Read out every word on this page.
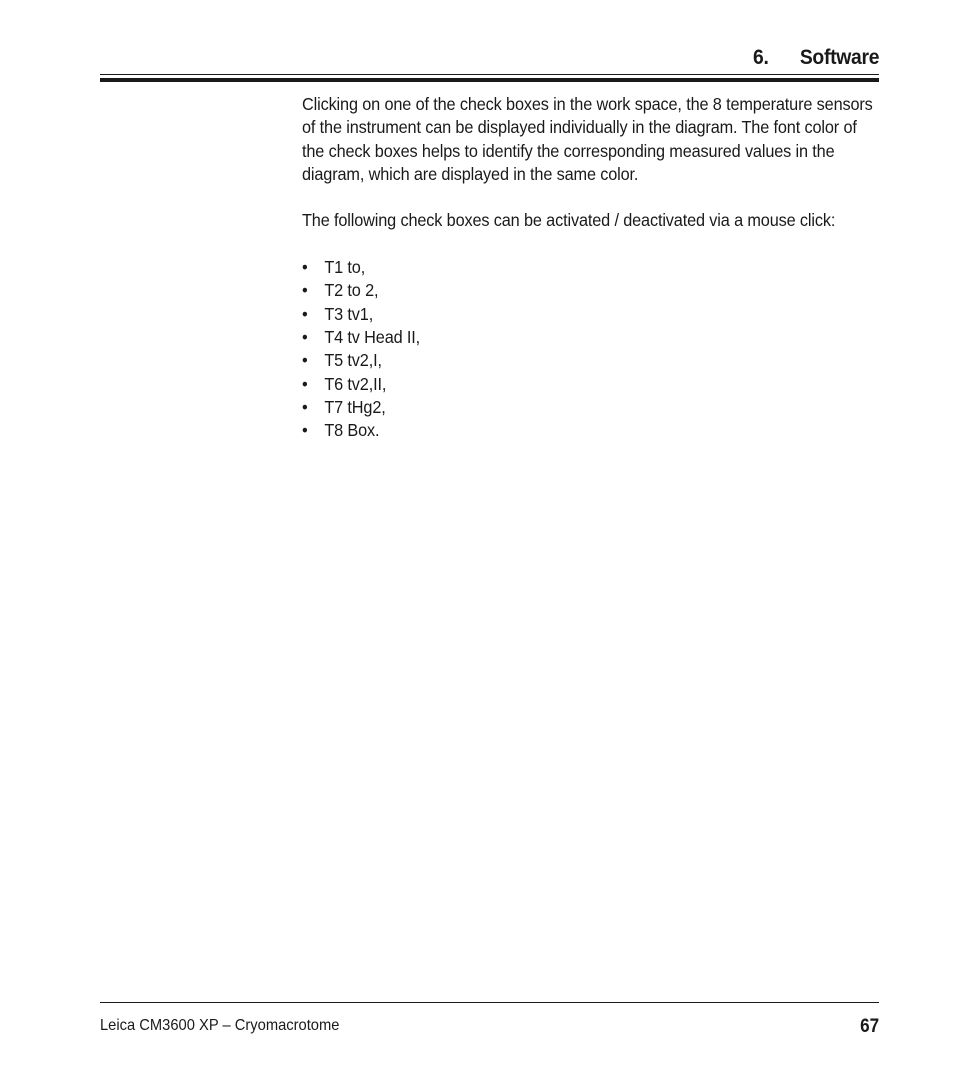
6. Software

Clicking on one of the check boxes in the work space, the 8 temperature sensors of the instrument can be displayed individually in the diagram. The font color of the check boxes helps to identify the corresponding measured values in the diagram, which are displayed in the same color.

The following check boxes can be activated / deactivated via a mouse click:

• T1 to,
• T2 to 2,
• T3 tv1,
• T4 tv Head II,
• T5 tv2,I,
• T6 tv2,II,
• T7 tHg2,
• T8 Box.
Leica CM3600 XP – Cryomacrotome	67
